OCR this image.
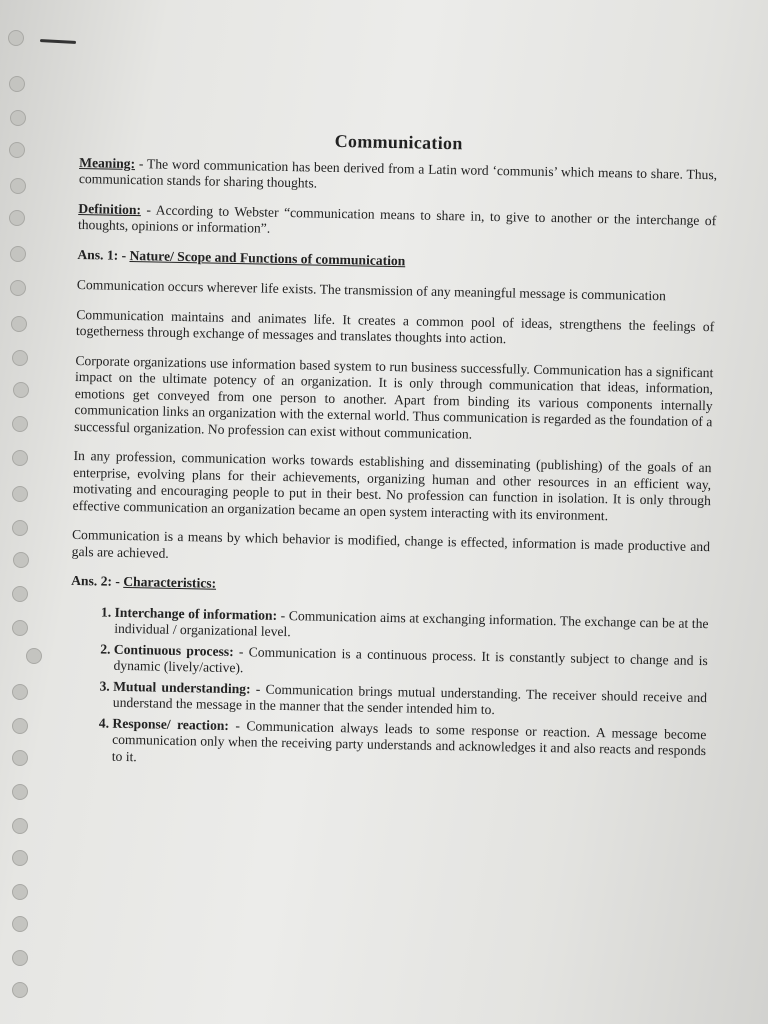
Communication

Meaning: - The word communication has been derived from a Latin word ‘communis’ which means to share. Thus, communication stands for sharing thoughts.

Definition: - According to Webster “communication means to share in, to give to another or the interchange of thoughts, opinions or information”.

Ans. 1: - Nature/ Scope and Functions of communication

Communication occurs wherever life exists. The transmission of any meaningful message is communication

Communication maintains and animates life. It creates a common pool of ideas, strengthens the feelings of togetherness through exchange of messages and translates thoughts into action.

Corporate organizations use information based system to run business successfully. Communication has a significant impact on the ultimate potency of an organization. It is only through communication that ideas, information, emotions get conveyed from one person to another. Apart from binding its various components internally communication links an organization with the external world. Thus communication is regarded as the foundation of a successful organization. No profession can exist without communication.

In any profession, communication works towards establishing and disseminating (publishing) of the goals of an enterprise, evolving plans for their achievements, organizing human and other resources in an efficient way, motivating and encouraging people to put in their best. No profession can function in isolation. It is only through effective communication an organization became an open system interacting with its environment.

Communication is a means by which behavior is modified, change is effected, information is made productive and gals are achieved.

Ans. 2: - Characteristics:
1. Interchange of information: - Communication aims at exchanging information. The exchange can be at the individual / organizational level.
2. Continuous process: - Communication is a continuous process. It is constantly subject to change and is dynamic (lively/active).
3. Mutual understanding: - Communication brings mutual understanding. The receiver should receive and understand the message in the manner that the sender intended him to.
4. Response/ reaction: - Communication always leads to some response or reaction. A message become communication only when the receiving party understands and acknowledges it and also reacts and responds to it.
